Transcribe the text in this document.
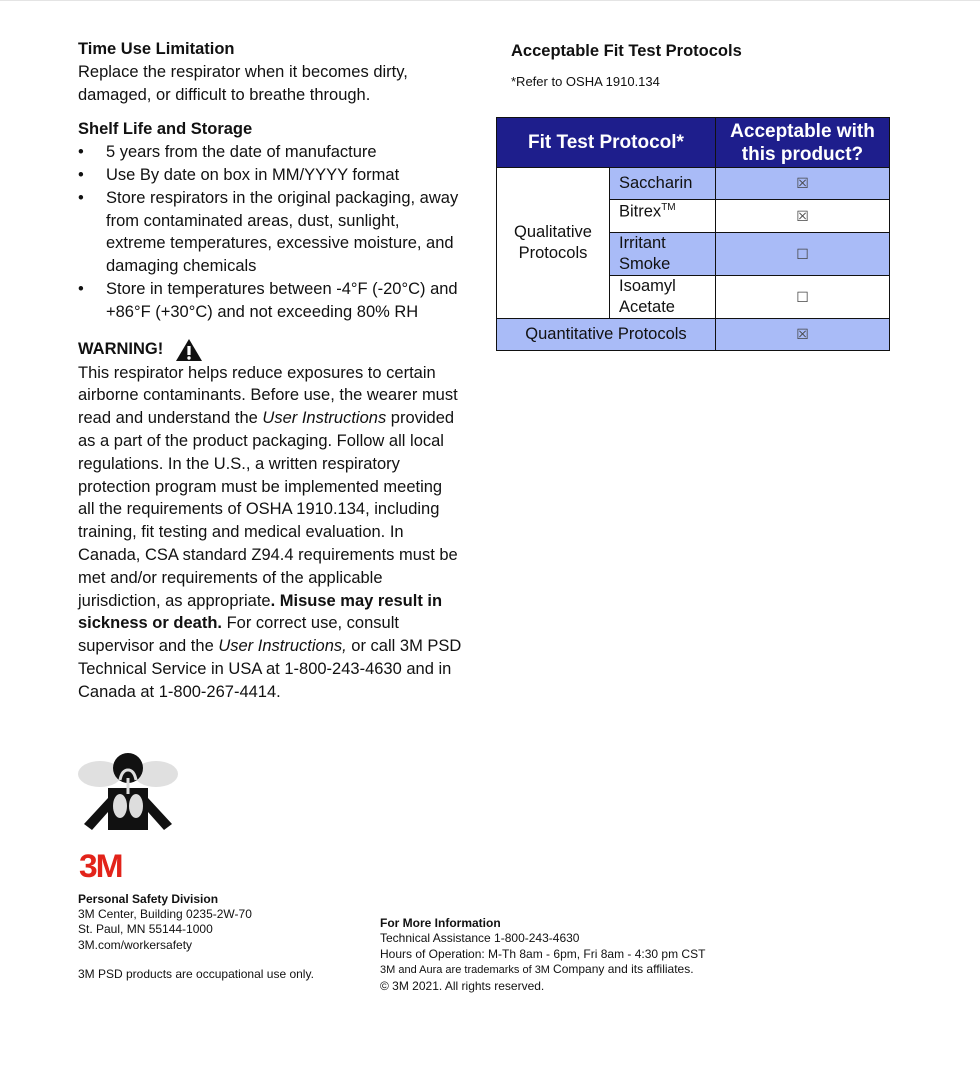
Time Use Limitation

Replace the respirator when it becomes dirty, damaged, or difficult to breathe through.

Shelf Life and Storage

• 5 years from the date of manufacture
• Use By date on box in MM/YYYY format
• Store respirators in the original packaging, away from contaminated areas, dust, sunlight, extreme temperatures, excessive moisture, and damaging chemicals
• Store in temperatures between -4°F (-20°C) and +86°F (+30°C) and not exceeding 80% RH
WARNING!

This respirator helps reduce exposures to certain airborne contaminants. Before use, the wearer must read and understand the User Instructions provided as a part of the product packaging. Follow all local regulations. In the U.S., a written respiratory protection program must be implemented meeting all the requirements of OSHA 1910.134, including training, fit testing and medical evaluation. In Canada, CSA standard Z94.4 requirements must be met and/or requirements of the applicable jurisdiction, as appropriate. Misuse may result in sickness or death. For correct use, consult supervisor and the User Instructions, or call 3M PSD Technical Service in USA at 1-800-243-4630 and in Canada at 1-800-267-4414.

3M
Personal Safety Division
3M Center, Building 0235-2W-70
St. Paul, MN 55144-1000
3M.com/workersafety
3M PSD products are occupational use only.
For More Information
Technical Assistance 1-800-243-4630
Hours of Operation: M-Th 8am - 6pm, Fri 8am - 4:30 pm CST
3M and Aura are trademarks of 3M Company and its affiliates.
© 3M 2021. All rights reserved.
Acceptable Fit Test Protocols
*Refer to OSHA 1910.134
Fit Test Protocol*		Acceptable with this product?
Qualitative Protocols	Saccharin	☒
	Bitrex™	☒
	Irritant Smoke	☐
	Isoamyl Acetate	☐
Quantitative Protocols		☒
